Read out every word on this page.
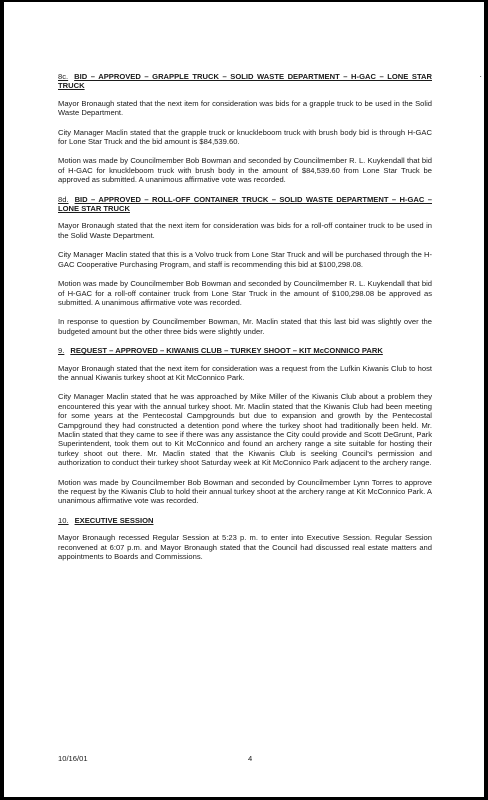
8c. BID – APPROVED – GRAPPLE TRUCK – SOLID WASTE DEPARTMENT – H-GAC – LONE STAR TRUCK
Mayor Bronaugh stated that the next item for consideration was bids for a grapple truck to be used in the Solid Waste Department.
City Manager Maclin stated that the grapple truck or knuckleboom truck with brush body bid is through H-GAC for Lone Star Truck and the bid amount is $84,539.60.
Motion was made by Councilmember Bob Bowman and seconded by Councilmember R. L. Kuykendall that bid of H-GAC for knuckleboom truck with brush body in the amount of $84,539.60 from Lone Star Truck be approved as submitted. A unanimous affirmative vote was recorded.
8d. BID – APPROVED – ROLL-OFF CONTAINER TRUCK – SOLID WASTE DEPARTMENT – H-GAC – LONE STAR TRUCK
Mayor Bronaugh stated that the next item for consideration was bids for a roll-off container truck to be used in the Solid Waste Department.
City Manager Maclin stated that this is a Volvo truck from Lone Star Truck and will be purchased through the H-GAC Cooperative Purchasing Program, and staff is recommending this bid at $100,298.08.
Motion was made by Councilmember Bob Bowman and seconded by Councilmember R. L. Kuykendall that bid of H-GAC for a roll-off container truck from Lone Star Truck in the amount of $100,298.08 be approved as submitted. A unanimous affirmative vote was recorded.
In response to question by Councilmember Bowman, Mr. Maclin stated that this last bid was slightly over the budgeted amount but the other three bids were slightly under.
9. REQUEST – APPROVED – KIWANIS CLUB – TURKEY SHOOT – KIT McCONNICO PARK
Mayor Bronaugh stated that the next item for consideration was a request from the Lufkin Kiwanis Club to host the annual Kiwanis turkey shoot at Kit McConnico Park.
City Manager Maclin stated that he was approached by Mike Miller of the Kiwanis Club about a problem they encountered this year with the annual turkey shoot. Mr. Maclin stated that the Kiwanis Club had been meeting for some years at the Pentecostal Campgrounds but due to expansion and growth by the Pentecostal Campground they had constructed a detention pond where the turkey shoot had traditionally been held. Mr. Maclin stated that they came to see if there was any assistance the City could provide and Scott DeGrunt, Park Superintendent, took them out to Kit McConnico and found an archery range a site suitable for hosting their turkey shoot out there. Mr. Maclin stated that the Kiwanis Club is seeking Council's permission and authorization to conduct their turkey shoot Saturday week at Kit McConnico Park adjacent to the archery range.
Motion was made by Councilmember Bob Bowman and seconded by Councilmember Lynn Torres to approve the request by the Kiwanis Club to hold their annual turkey shoot at the archery range at Kit McConnico Park. A unanimous affirmative vote was recorded.
10. EXECUTIVE SESSION
Mayor Bronaugh recessed Regular Session at 5:23 p. m. to enter into Executive Session. Regular Session reconvened at 6:07 p.m. and Mayor Bronaugh stated that the Council had discussed real estate matters and appointments to Boards and Commissions.
10/16/01	4
·
